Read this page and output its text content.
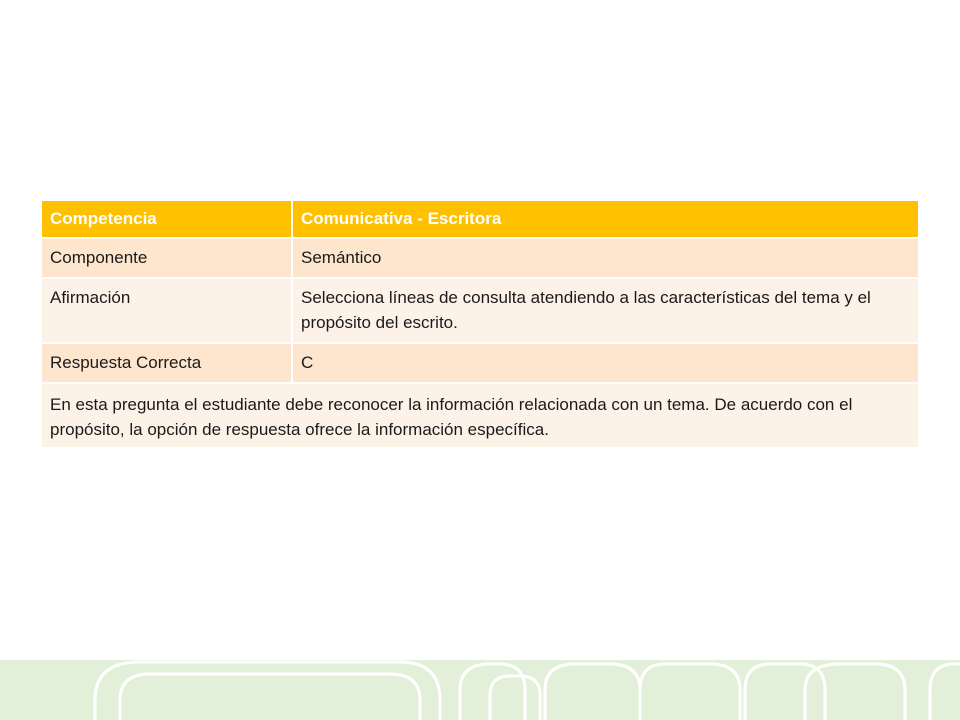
Competencia	Comunicativa - Escritora
Componente	Semántico
Afirmación	Selecciona líneas de consulta atendiendo a las características del tema y el propósito del escrito.
Respuesta Correcta	C
En esta pregunta el estudiante debe reconocer la información relacionada con un tema. De acuerdo con el propósito, la opción de respuesta ofrece la información específica.	
